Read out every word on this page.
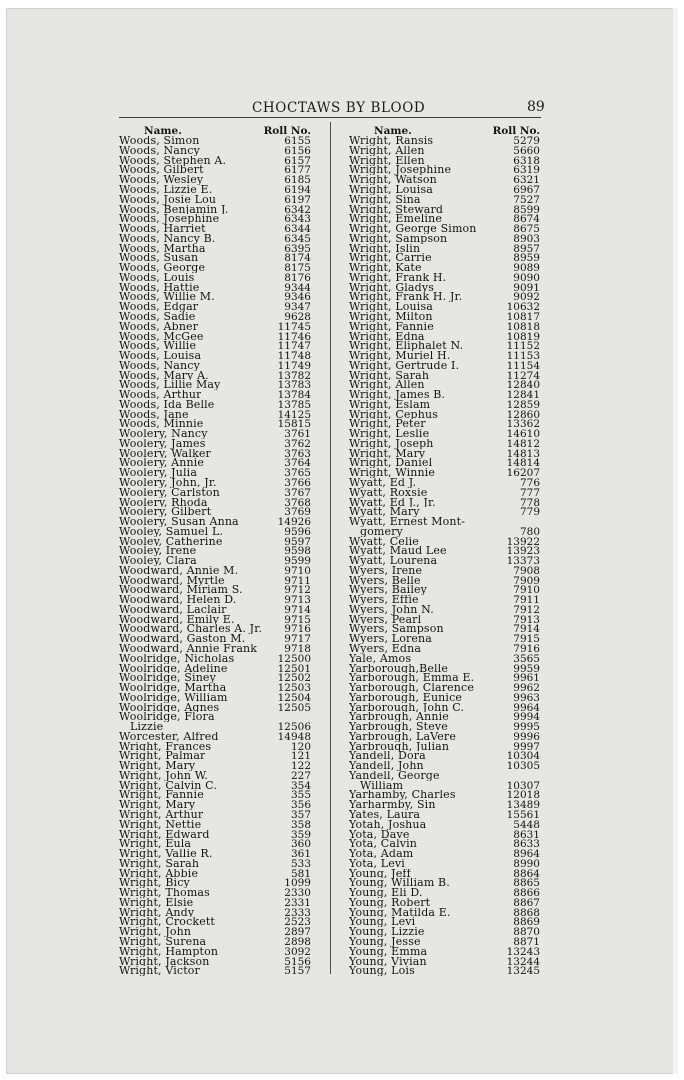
CHOCTAWS BY BLOOD	89
Name.	Roll No.
Woods, Simon	6155
Woods, Nancy	6156
Woods, Stephen A.	6157
Woods, Gilbert	6177
Woods, Wesley	6185
Woods, Lizzie E.	6194
Woods, Josie Lou	6197
Woods, Benjamin J.	6342
Woods, Josephine	6343
Woods, Harriet	6344
Woods, Nancy B.	6345
Woods, Martha	6395
Woods, Susan	8174
Woods, George	8175
Woods, Louis	8176
Woods, Hattie	9344
Woods, Willie M.	9346
Woods, Edgar	9347
Woods, Sadie	9628
Woods, Abner	11745
Woods, McGee	11746
Woods, Willie	11747
Woods, Louisa	11748
Woods, Nancy	11749
Woods, Mary A.	13782
Woods, Lillie May	13783
Woods, Arthur	13784
Woods, Ida Belle	13785
Woods, Jane	14125
Woods, Minnie	15815
Woolery, Nancy	3761
Woolery, James	3762
Woolery, Walker	3763
Woolery, Annie	3764
Woolery, Julia	3765
Woolery, John, Jr.	3766
Woolery, Carlston	3767
Woolery, Rhoda	3768
Woolery, Gilbert	3769
Woolery, Susan Anna	14926
Wooley, Samuel L.	9596
Wooley, Catherine	9597
Wooley, Irene	9598
Wooley, Clara	9599
Woodward, Annie M.	9710
Woodward, Myrtle	9711
Woodward, Miriam S.	9712
Woodward, Helen D.	9713
Woodward, Laclair	9714
Woodward, Emily E.	9715
Woodward, Charles A. Jr. 9716
Woodward, Gaston M.	9717
Woodward, Annie Frank	9718
Woolridge, Nicholas	12500
Woolridge, Adeline	12501
Woolridge, Siney	12502
Woolridge, Martha	12503
Woolridge, William	12504
Woolridge, Agnes	12505
Woolridge, Flora
Lizzie	12506
Worcester, Alfred	14948
Wright, Frances	120
Wright, Palmar	121
Wright, Mary	122
Wright, John W.	227
Wright, Calvin C.	354
Wright, Fannie	355
Wright, Mary	356
Wright, Arthur	357
Wright, Nettie	358
Wright, Edward	359
Wright, Eula	360
Wright, Vallie R.	361
Wright, Sarah	533
Wright, Abbie	581
Wright, Bicy	1099
Wright, Thomas	2330
Wright, Elsie	2331
Wright, Andy	2333
Wright, Crockett	2523
Wright, John	2897
Wright, Surena	2898
Wright, Hampton	3092
Wright, Jackson	5156
Wright, Victor	5157
Name.	Roll No.
Wright, Ransis	5279
Wright, Allen	5660
Wright, Ellen	6318
Wright, Josephine	6319
Wright, Watson	6321
Wright, Louisa	6967
Wright, Sina	7527
Wright, Steward	8599
Wright, Emeline	8674
Wright, George Simon	8675
Wright, Sampson	8903
Wright, Islin	8957
Wright, Carrie	8959
Wright, Kate	9089
Wright, Frank H.	9090
Wright, Gladys	9091
Wright, Frank H. Jr.	9092
Wright, Louisa	10632
Wright, Milton	10817
Wright, Fannie	10818
Wright, Edna	10819
Wright, Eliphalet N.	11152
Wright, Muriel H.	11153
Wright, Gertrude I.	11154
Wright, Sarah	11274
Wright, Allen	12840
Wright, James B.	12841
Wright, Eslam	12859
Wright, Cephus	12860
Wright, Peter	13362
Wright, Leslie	14610
Wright, Joseph	14812
Wright, Mary	14813
Wright, Daniel	14814
Wright, Winnie	16207
Wyatt, Ed J.	776
Wyatt, Roxsie	777
Wyatt, Ed J., Jr.	778
Wyatt, Mary	779
Wyatt, Ernest Mont-
gomery	780
Wyatt, Celie	13922
Wyatt, Maud Lee	13923
Wyatt, Lourena	13373
Wyers, Irene	7908
Wyers, Belle	7909
Wyers, Bailey	7910
Wyers, Effie	7911
Wyers, John N.	7912
Wyers, Pearl	7913
Wyers, Sampson	7914
Wyers, Lorena	7915
Wyers, Edna	7916
Yale, Amos	3565
Yarborough,Belle	9959
Yarborough, Emma E.	9961
Yarborough, Clarence	9962
Yarborough, Eunice	9963
Yarborough, John C.	9964
Yarbrough, Annie	9994
Yarbrough, Steve	9995
Yarbrough, LaVere	9996
Yarbrough, Julian	9997
Yandell, Dora	10304
Yandell, John	10305
Yandell, George
William	10307
Yarhamby, Charles	12018
Yarharmby, Sin	13489
Yates, Laura	15561
Yotah, Joshua	5448
Yota, Dave	8631
Yota, Calvin	8633
Yota, Adam	8964
Yota, Levi	8990
Young, Jeff	8864
Young, William B.	8865
Young, Eli D.	8866
Young, Robert	8867
Young, Matilda E.	8868
Young, Levi	8869
Young, Lizzie	8870
Young, Jesse	8871
Young, Emma	13243
Young, Vivian	13244
Young, Lois	13245
